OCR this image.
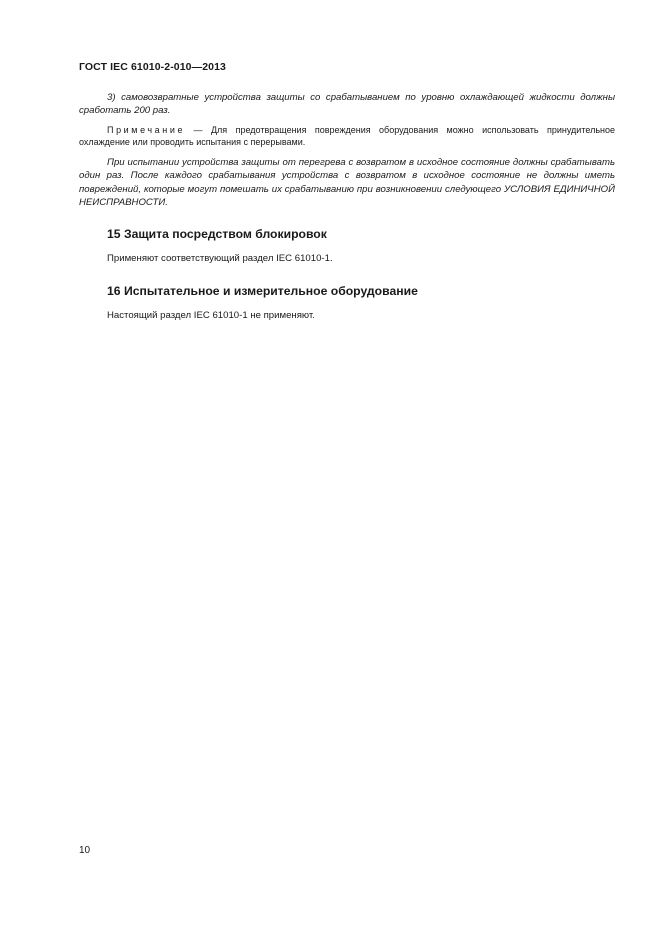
ГОСТ IEC 61010-2-010—2013

3) самовозвратные устройства защиты со срабатыванием по уровню охлаждающей жидкости должны сработать 200 раз.

Примечание — Для предотвращения повреждения оборудования можно использовать принудительное охлаждение или проводить испытания с перерывами.

При испытании устройства защиты от перегрева с возвратом в исходное состояние должны срабатывать один раз. После каждого срабатывания устройства с возвратом в исходное состояние не должны иметь повреждений, которые могут помешать их срабатыванию при возникновении следующего УСЛОВИЯ ЕДИНИЧНОЙ НЕИСПРАВНОСТИ.

15 Защита посредством блокировок
Применяют соответствующий раздел IEC 61010-1.
16 Испытательное и измерительное оборудование
Настоящий раздел IEC 61010-1 не применяют.
10
